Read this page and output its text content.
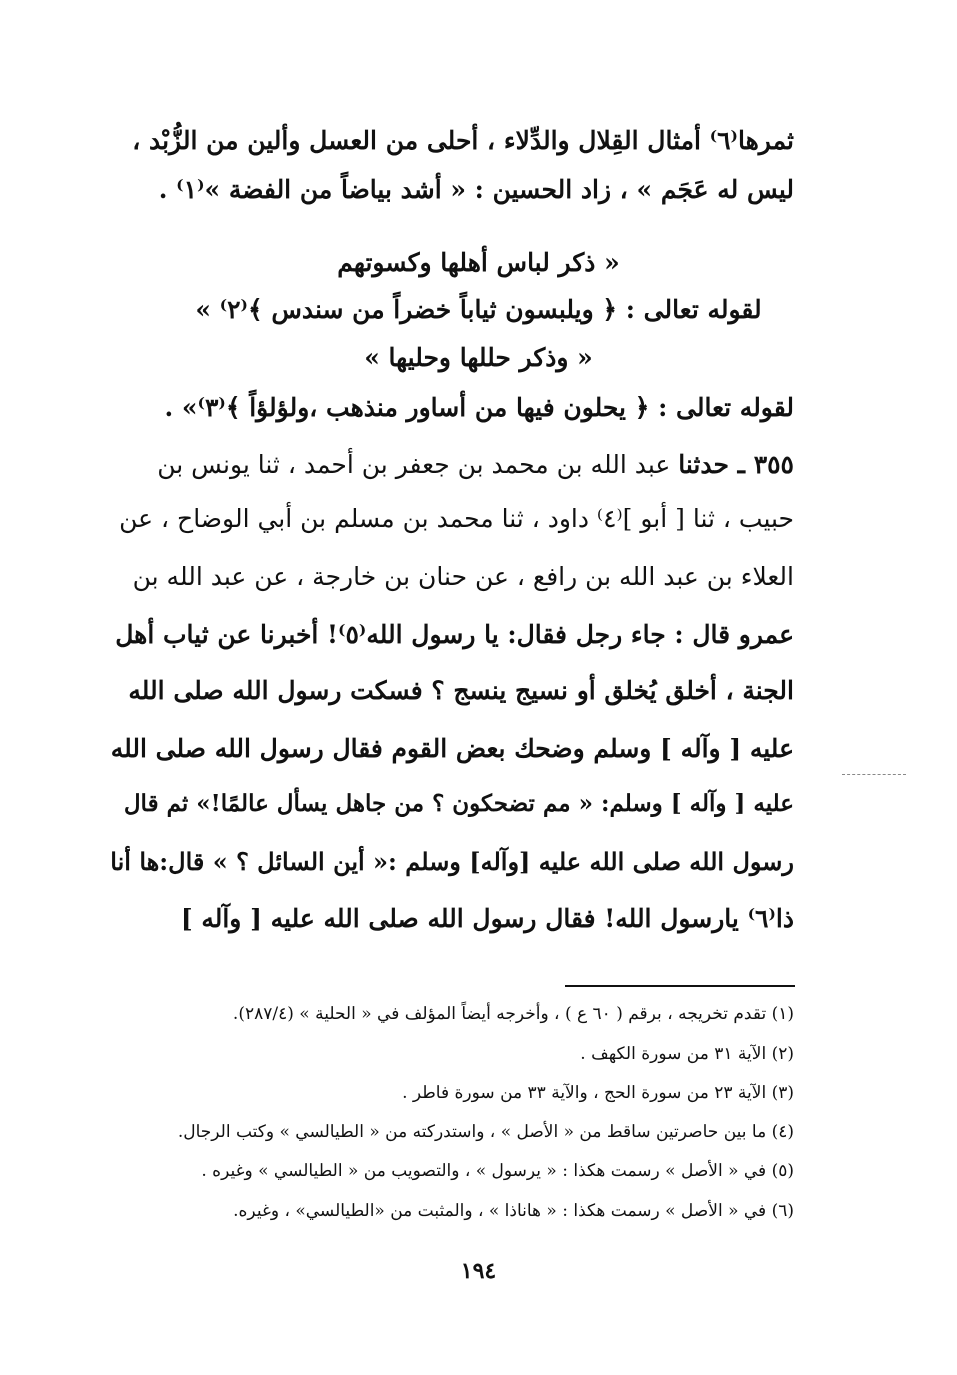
ثمرها⁽٦⁾ أمثال القِلال والدِّلاء ، أحلى من العسل وألين من الزُّبْد ،
ليس له عَجَم » ، زاد الحسين : « أشد بياضاً من الفضة »⁽١⁾ .
« ذكر لباس أهلها وكسوتهم
لقوله تعالى : ﴿ ويلبسون ثياباً خضراً من سندس ﴾⁽٢⁾ »
« وذكر حللها وحليها »
لقوله تعالى : ﴿ يحلون فيها من أساور منذهب ،ولؤلؤاً ﴾⁽٣⁾» .
٣٥٥ ـ حدثنا عبد الله بن محمد بن جعفر بن أحمد ، ثنا يونس بن
حبيب ، ثنا [ أبو ]⁽٤⁾ داود ، ثنا محمد بن مسلم بن أبي الوضاح ، عن
العلاء بن عبد الله بن رافع ، عن حنان بن خارجة ، عن عبد الله بن
عمرو قال : جاء رجل فقال: يا رسول الله⁽٥⁾! أخبرنا عن ثياب أهل
الجنة ، أخلق يُخلق أو نسيج ينسج ؟ فسكت رسول الله صلى الله
عليه [ وآله ] وسلم وضحك بعض القوم فقال رسول الله صلى الله
عليه [ وآله ] وسلم: « مم تضحكون ؟ من جاهل يسأل عالمًا!» ثم قال
رسول الله صلى الله عليه [وآله] وسلم :« أين السائل ؟ » قال:ها أنا
ذا⁽٦⁾ يارسول الله! فقال رسول الله صلى الله عليه [ وآله ]
(١) تقدم تخريجه ، برقم ( ٦٠ ع ) ، وأخرجه أيضاً المؤلف في « الحلية » (٢٨٧/٤).
(٢) الآية ٣١ من سورة الكهف .
(٣) الآية ٢٣ من سورة الحج ، والآية ٣٣ من سورة فاطر .
(٤) ما بين حاصرتين ساقط من « الأصل » ، واستدركته من « الطيالسي » وكتب الرجال.
(٥) في « الأصل » رسمت هكذا : « يرسول » ، والتصويب من « الطيالسي » وغيره .
(٦) في « الأصل » رسمت هكذا : « هاناذا » ، والمثبت من «الطيالسي» ، وغيره.
١٩٤
